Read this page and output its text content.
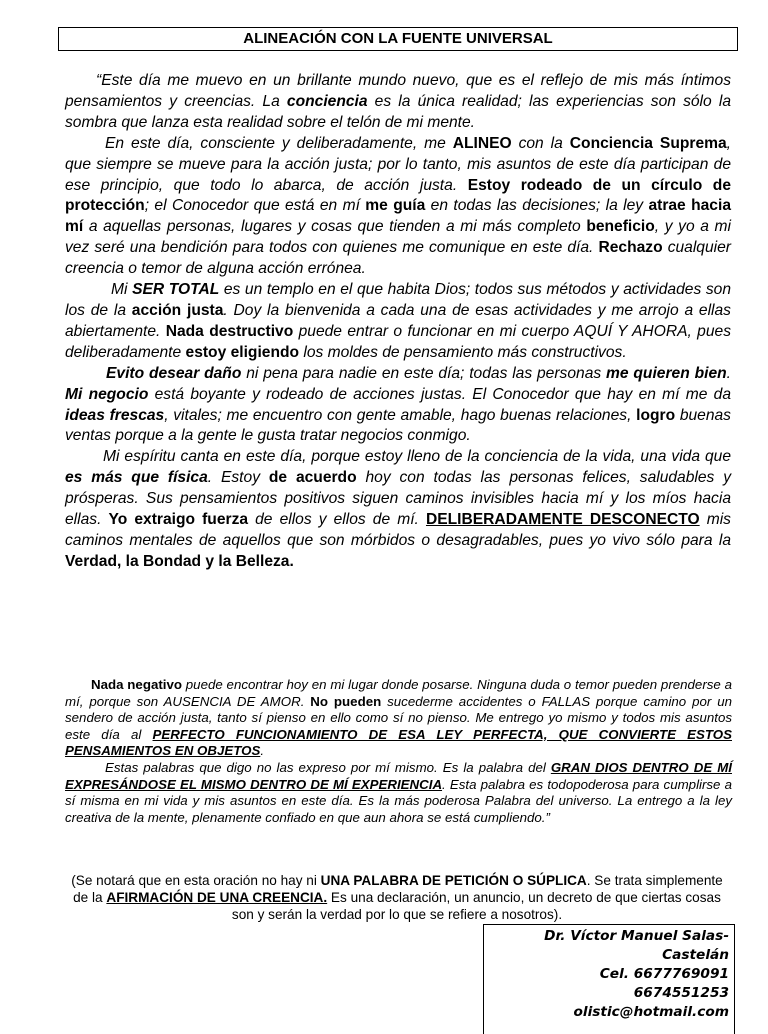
ALINEACIÓN CON LA FUENTE UNIVERSAL

“Este día me muevo en un brillante mundo nuevo, que es el reflejo de mis más íntimos pensamientos y creencias. La conciencia es la única realidad; las experiencias son sólo la sombra que lanza esta realidad sobre el telón de mi mente.

En este día, consciente y deliberadamente, me ALINEO con la Conciencia Suprema, que siempre se mueve para la acción justa; por lo tanto, mis asuntos de este día participan de ese principio, que todo lo abarca, de acción justa. Estoy rodeado de un círculo de protección; el Conocedor que está en mí me guía en todas las decisiones; la ley atrae hacia mí a aquellas personas, lugares y cosas que tienden a mi más completo beneficio, y yo a mi vez seré una bendición para todos con quienes me comunique en este día. Rechazo cualquier creencia o temor de alguna acción errónea.

Mi SER TOTAL es un templo en el que habita Dios; todos sus métodos y actividades son los de la acción justa. Doy la bienvenida a cada una de esas actividades y me arrojo a ellas abiertamente. Nada destructivo puede entrar o funcionar en mi cuerpo AQUÍ Y AHORA, pues deliberadamente estoy eligiendo los moldes de pensamiento más constructivos.

Evito desear daño ni pena para nadie en este día; todas las personas me quieren bien. Mi negocio está boyante y rodeado de acciones justas. El Conocedor que hay en mí me da ideas frescas, vitales; me encuentro con gente amable, hago buenas relaciones, logro buenas ventas porque a la gente le gusta tratar negocios conmigo.

Mi espíritu canta en este día, porque estoy lleno de la conciencia de la vida, una vida que es más que física. Estoy de acuerdo hoy con todas las personas felices, saludables y prósperas. Sus pensamientos positivos siguen caminos invisibles hacia mí y los míos hacia ellas. Yo extraigo fuerza de ellos y ellos de mí. DELIBERADAMENTE DESCONECTO mis caminos mentales de aquellos que son mórbidos o desagradables, pues yo vivo sólo para la Verdad, la Bondad y la Belleza.

Nada negativo puede encontrar hoy en mi lugar donde posarse. Ninguna duda o temor pueden prenderse a mí, porque son AUSENCIA DE AMOR. No pueden sucederme accidentes o FALLAS porque camino por un sendero de acción justa, tanto sí pienso en ello como sí no pienso. Me entrego yo mismo y todos mis asuntos este día al PERFECTO FUNCIONAMIENTO DE ESA LEY PERFECTA, QUE CONVIERTE ESTOS PENSAMIENTOS EN OBJETOS.

Estas palabras que digo no las expreso por mí mismo. Es la palabra del GRAN DIOS DENTRO DE MÍ EXPRESÁNDOSE EL MISMO DENTRO DE MÍ EXPERIENCIA. Esta palabra es todopoderosa para cumplirse a sí misma en mi vida y mis asuntos en este día. Es la más poderosa Palabra del universo. La entrego a la ley creativa de la mente, plenamente confiado en que aun ahora se está cumpliendo.”

(Se notará que en esta oración no hay ni UNA PALABRA DE PETICIÓN O SÚPLICA. Se trata simplemente de la AFIRMACIÓN DE UNA CREENCIA. Es una declaración, un anuncio, un decreto de que ciertas cosas son y serán la verdad por lo que se refiere a nosotros).

Dr. Víctor Manuel Salas-
Castelán
Cel. 6677769091
6674551253
olistic@hotmail.com
